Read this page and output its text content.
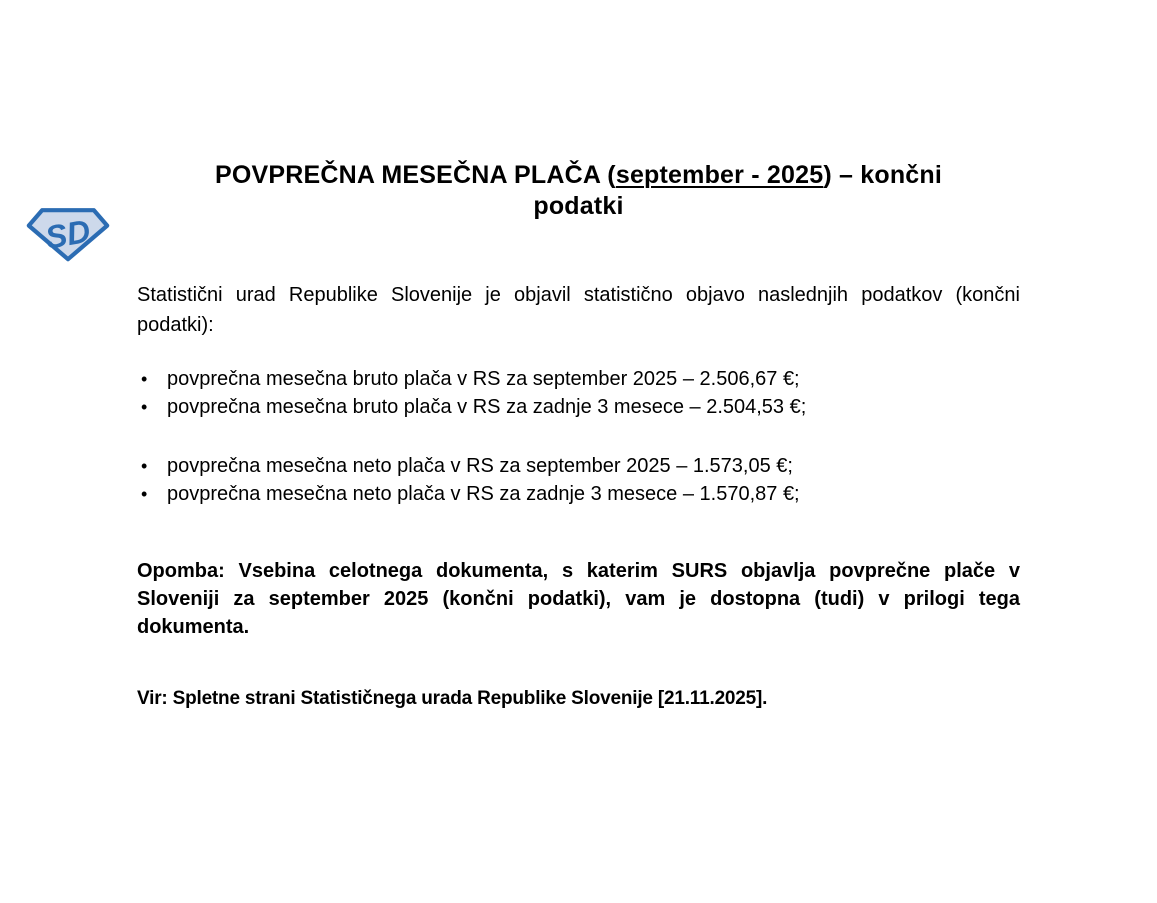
SD
POVPREČNA MESEČNA PLAČA (september - 2025) – končni
podatki

Statistični urad Republike Slovenije je objavil statistično objavo naslednjih podatkov (končni podatki):

• povprečna mesečna bruto plača v RS za september 2025 – 2.506,67 €;
• povprečna mesečna bruto plača v RS za zadnje 3 mesece – 2.504,53 €;
• povprečna mesečna neto plača v RS za september 2025 – 1.573,05 €;
• povprečna mesečna neto plača v RS za zadnje 3 mesece – 1.570,87 €;

Opomba: Vsebina celotnega dokumenta, s katerim SURS objavlja povprečne plače v Sloveniji za september 2025 (končni podatki), vam je dostopna (tudi) v prilogi tega dokumenta.

Vir: Spletne strani Statističnega urada Republike Slovenije [21.11.2025].
